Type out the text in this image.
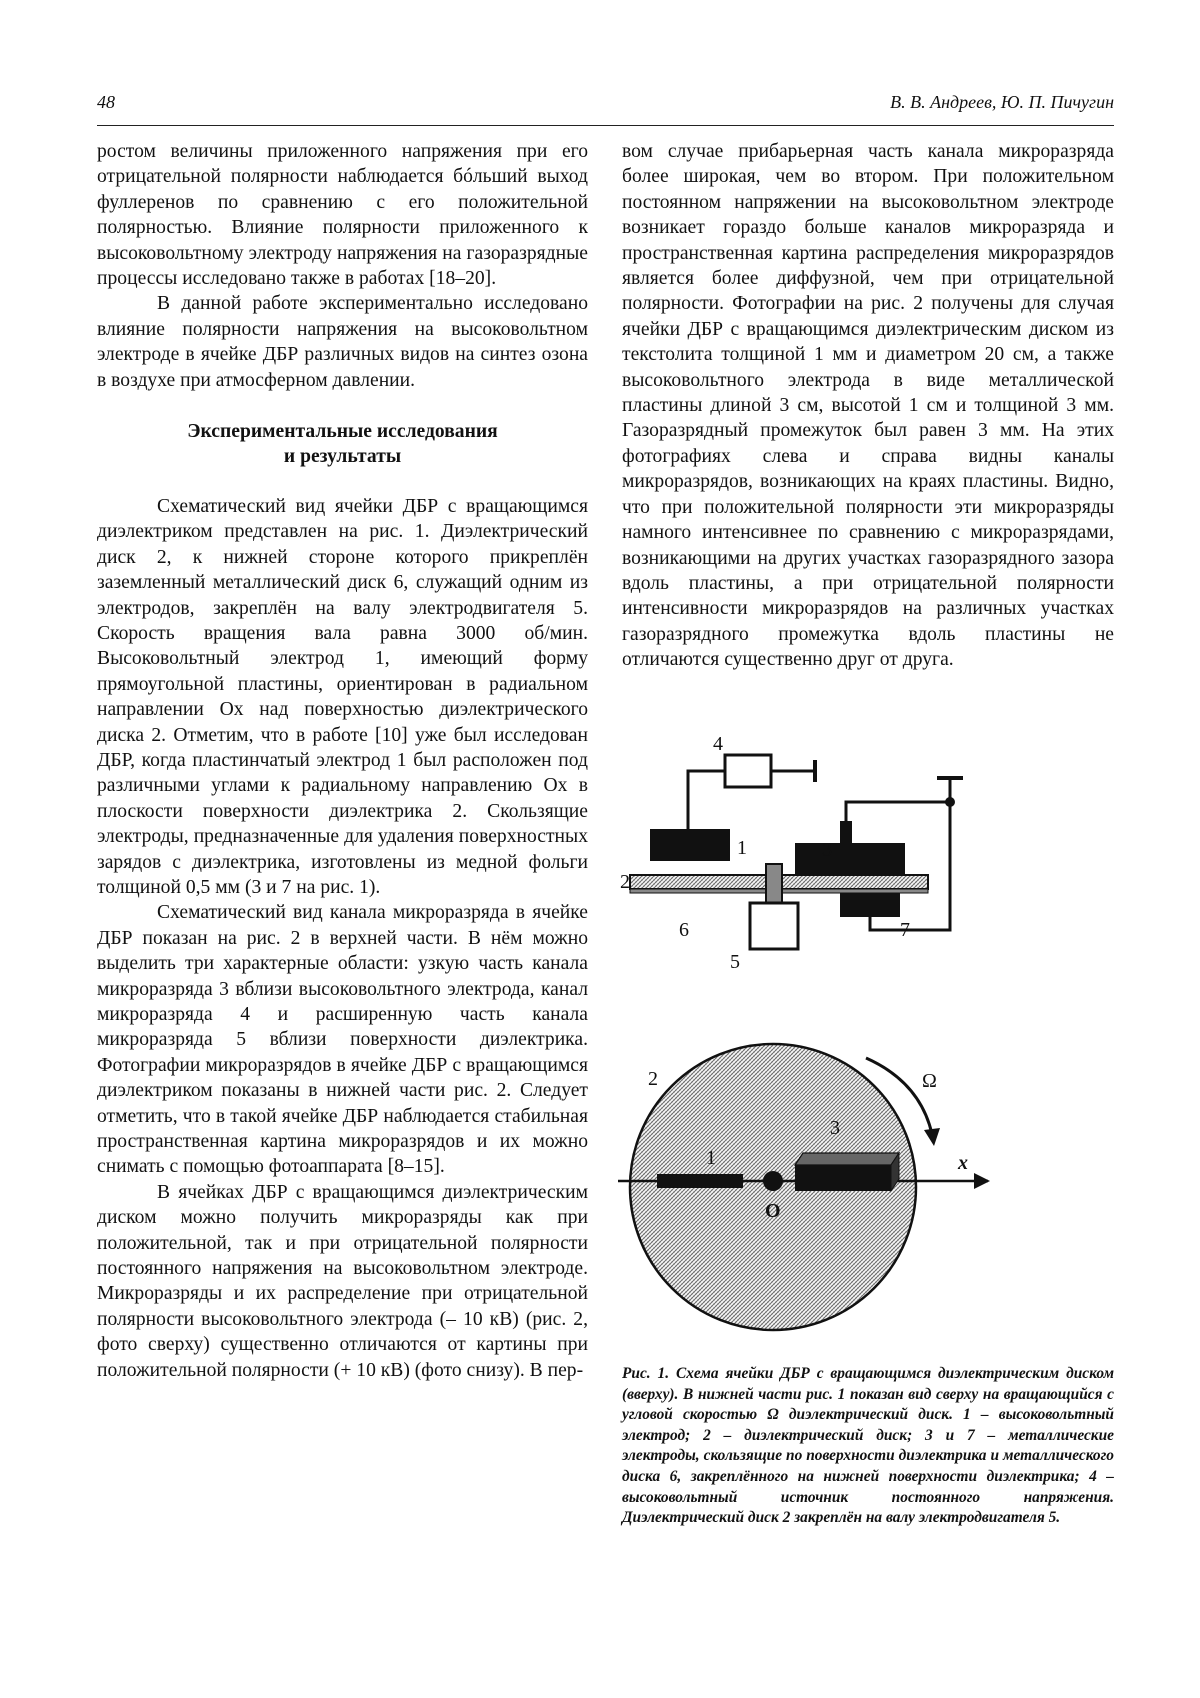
48	В. В. Андреев, Ю. П. Пичугин

ростом величины приложенного напряжения при его отрицательной полярности наблюдается бóльший выход фуллеренов по сравнению с его положительной полярностью. Влияние полярности приложенного к высоковольтному электроду напряжения на газоразрядные процессы исследовано также в работах [18–20].

В данной работе экспериментально исследовано влияние полярности напряжения на высоковольтном электроде в ячейке ДБР различных видов на синтез озона в воздухе при атмосферном давлении.

Экспериментальные исследования
и результаты

Схематический вид ячейки ДБР с вращающимся диэлектриком представлен на рис. 1. Диэлектрический диск 2, к нижней стороне которого прикреплён заземленный металлический диск 6, служащий одним из электродов, закреплён на валу электродвигателя 5. Скорость вращения вала равна 3000 об/мин. Высоковольтный электрод 1, имеющий форму прямоугольной пластины, ориентирован в радиальном направлении Ox над поверхностью диэлектрического диска 2. Отметим, что в работе [10] уже был исследован ДБР, когда пластинчатый электрод 1 был расположен под различными углами к радиальному направлению Ox в плоскости поверхности диэлектрика 2. Скользящие электроды, предназначенные для удаления поверхностных зарядов с диэлектрика, изготовлены из медной фольги толщиной 0,5 мм (3 и 7 на рис. 1).

Схематический вид канала микроразряда в ячейке ДБР показан на рис. 2 в верхней части. В нём можно выделить три характерные области: узкую часть канала микроразряда 3 вблизи высоковольтного электрода, канал микроразряда 4 и расширенную часть канала микроразряда 5 вблизи поверхности диэлектрика. Фотографии микроразрядов в ячейке ДБР с вращающимся диэлектриком показаны в нижней части рис. 2. Следует отметить, что в такой ячейке ДБР наблюдается стабильная пространственная картина микроразрядов и их можно снимать с помощью фотоаппарата [8–15].

В ячейках ДБР с вращающимся диэлектрическим диском можно получить микроразряды как при положительной, так и при отрицательной полярности постоянного напряжения на высоковольтном электроде. Микроразряды и их распределение при отрицательной полярности высоковольтного электрода (– 10 кВ) (рис. 2, фото сверху) существенно отличаются от картины при положительной полярности (+ 10 кВ) (фото снизу). В пер-

вом случае прибарьерная часть канала микроразряда более широкая, чем во втором. При положительном постоянном напряжении на высоковольтном электроде возникает гораздо больше каналов микроразряда и пространственная картина распределения микроразрядов является более диффузной, чем при отрицательной полярности. Фотографии на рис. 2 получены для случая ячейки ДБР с вращающимся диэлектрическим диском из текстолита толщиной 1 мм и диаметром 20 см, а также высоковольтного электрода в виде металлической пластины длиной 3 см, высотой 1 см и толщиной 3 мм. Газоразрядный промежуток был равен 3 мм. На этих фотографиях слева и справа видны каналы микроразрядов, возникающих на краях пластины. Видно, что при положительной полярности эти микроразряды намного интенсивнее по сравнению с микроразрядами, возникающими на других участках газоразрядного зазора вдоль пластины, а при отрицательной полярности интенсивности микроразрядов на различных участках газоразрядного промежутка вдоль пластины не отличаются существенно друг от друга.

4
1	3
2
6	7
5
2
1
3
Ω
x
O
Рис. 1. Схема ячейки ДБР с вращающимся диэлектрическим диском (вверху). В нижней части рис. 1 показан вид сверху на вращающийся с угловой скоростью Ω диэлектрический диск. 1 – высоковольтный электрод; 2 – диэлектрический диск; 3 и 7 – металлические электроды, скользящие по поверхности диэлектрика и металлического диска 6, закреплённого на нижней поверхности диэлектрика; 4 – высоковольтный источник постоянного напряжения. Диэлектрический диск 2 закреплён на валу электродвигателя 5.
